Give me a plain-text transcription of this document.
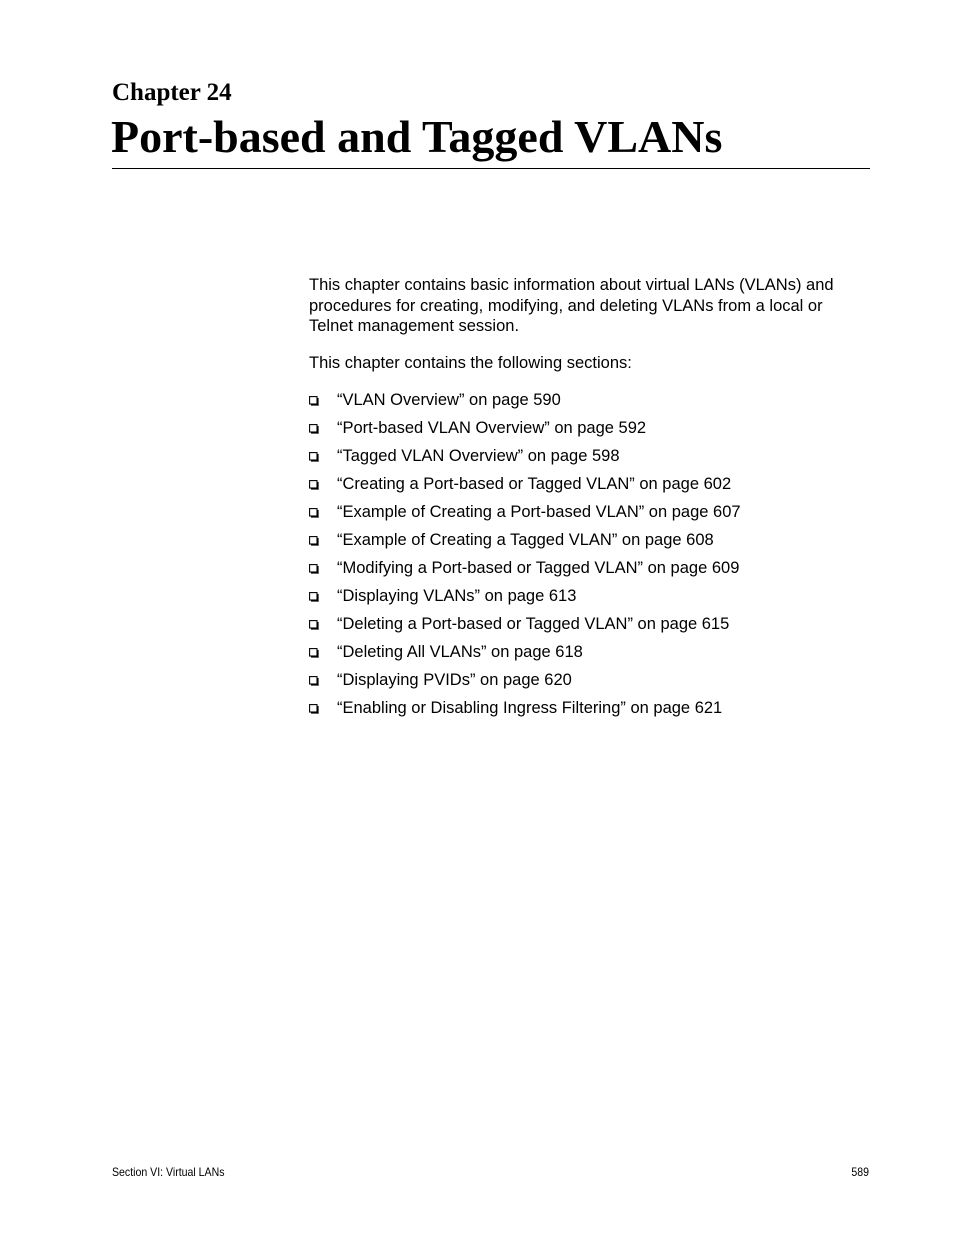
Chapter 24
Port-based and Tagged VLANs

This chapter contains basic information about virtual LANs (VLANs) and procedures for creating, modifying, and deleting VLANs from a local or Telnet management session.

This chapter contains the following sections:

“VLAN Overview” on page 590
“Port-based VLAN Overview” on page 592
“Tagged VLAN Overview” on page 598
“Creating a Port-based or Tagged VLAN” on page 602
“Example of Creating a Port-based VLAN” on page 607
“Example of Creating a Tagged VLAN” on page 608
“Modifying a Port-based or Tagged VLAN” on page 609
“Displaying VLANs” on page 613
“Deleting a Port-based or Tagged VLAN” on page 615
“Deleting All VLANs” on page 618
“Displaying PVIDs” on page 620
“Enabling or Disabling Ingress Filtering” on page 621
Section VI: Virtual LANs	589
